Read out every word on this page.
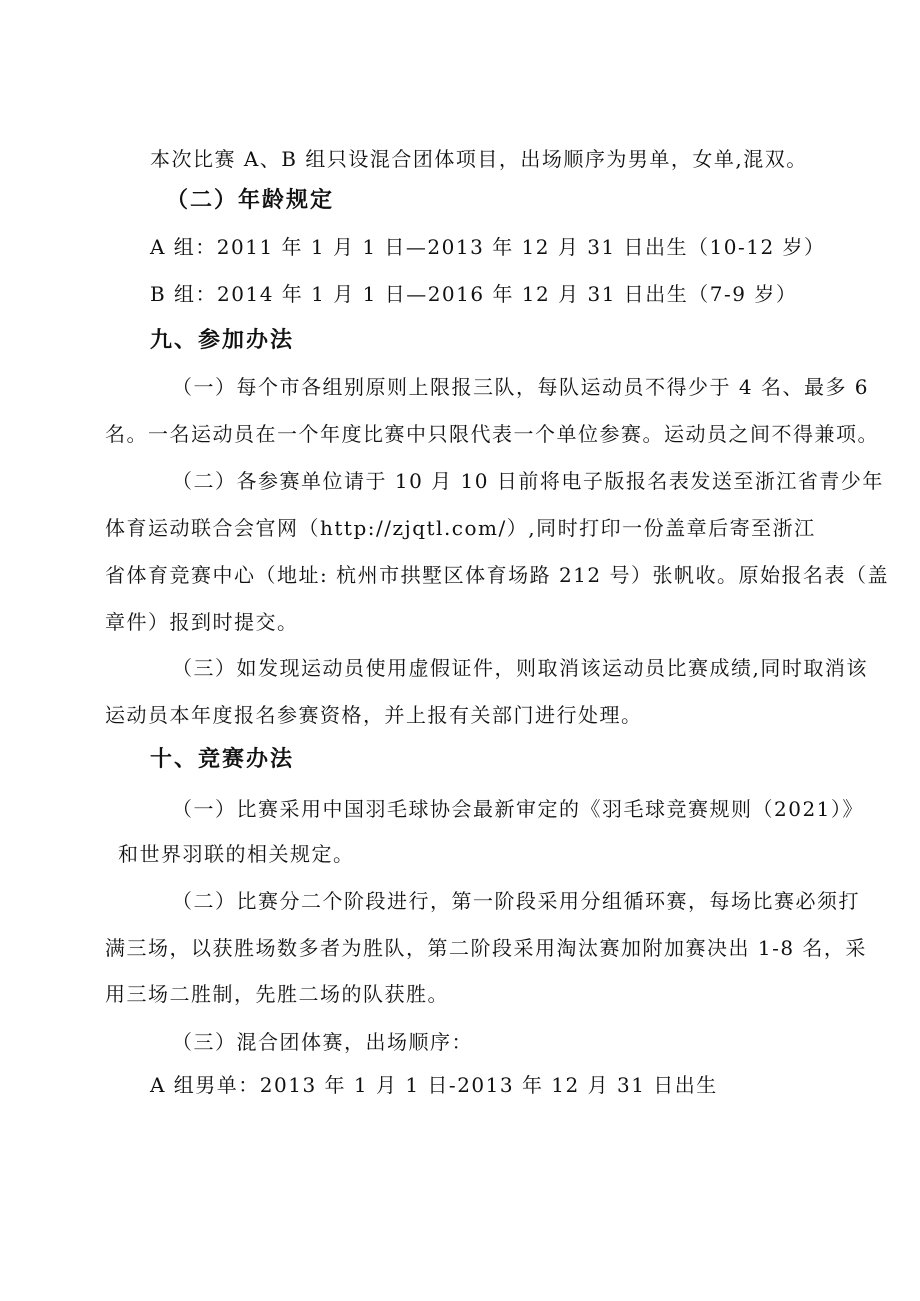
本次比赛 A、B 组只设混合团体项目，出场顺序为男单，女单,混双。
（二）年龄规定
A 组：2011 年 1 月 1 日—2013 年 12 月 31 日出生（10-12 岁）
B 组：2014 年 1 月 1 日—2016 年 12 月 31 日出生（7-9 岁）
九、参加办法
（一）每个市各组别原则上限报三队，每队运动员不得少于 4 名、最多 6
名。一名运动员在一个年度比赛中只限代表一个单位参赛。运动员之间不得兼项。
（二）各参赛单位请于 10 月 10 日前将电子版报名表发送至浙江省青少年
体育运动联合会官网（http://zjqtl.com/）,同时打印一份盖章后寄至浙江
省体育竞赛中心（地址: 杭州市拱墅区体育场路 212 号）张帆收。原始报名表（盖
章件）报到时提交。
（三）如发现运动员使用虚假证件，则取消该运动员比赛成绩,同时取消该
运动员本年度报名参赛资格，并上报有关部门进行处理。
十、竞赛办法
（一）比赛采用中国羽毛球协会最新审定的《羽毛球竞赛规则（2021）》
和世界羽联的相关规定。
（二）比赛分二个阶段进行，第一阶段采用分组循环赛，每场比赛必须打
满三场，以获胜场数多者为胜队，第二阶段采用淘汰赛加附加赛决出 1-8 名，采
用三场二胜制，先胜二场的队获胜。
（三）混合团体赛，出场顺序：
A 组男单：2013 年 1 月 1 日-2013 年 12 月 31 日出生
